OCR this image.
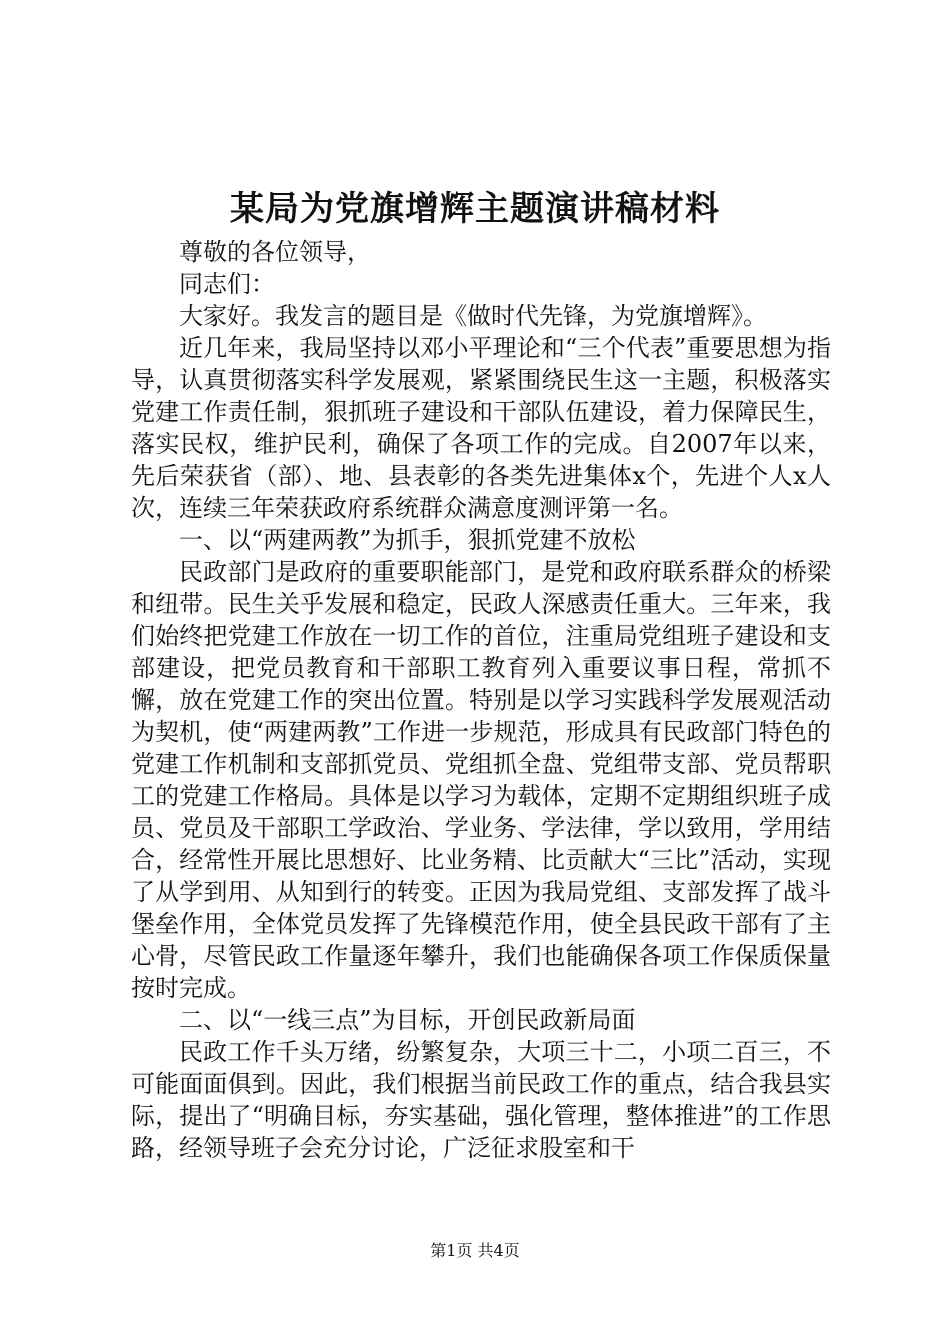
某局为党旗增辉主题演讲稿材料

尊敬的各位领导，

同志们：

大家好。我发言的题目是《做时代先锋，为党旗增辉》。

近几年来，我局坚持以邓小平理论和“三个代表”重要思想为指导，认真贯彻落实科学发展观，紧紧围绕民生这一主题，积极落实党建工作责任制，狠抓班子建设和干部队伍建设，着力保障民生，落实民权，维护民利，确保了各项工作的完成。自2007年以来，先后荣获省（部）、地、县表彰的各类先进集体x个，先进个人x人次，连续三年荣获政府系统群众满意度测评第一名。

一、以“两建两教”为抓手，狠抓党建不放松

民政部门是政府的重要职能部门，是党和政府联系群众的桥梁和纽带。民生关乎发展和稳定，民政人深感责任重大。三年来，我们始终把党建工作放在一切工作的首位，注重局党组班子建设和支部建设，把党员教育和干部职工教育列入重要议事日程，常抓不懈，放在党建工作的突出位置。特别是以学习实践科学发展观活动为契机，使“两建两教”工作进一步规范，形成具有民政部门特色的党建工作机制和支部抓党员、党组抓全盘、党组带支部、党员帮职工的党建工作格局。具体是以学习为载体，定期不定期组织班子成员、党员及干部职工学政治、学业务、学法律，学以致用，学用结合，经常性开展比思想好、比业务精、比贡献大“三比”活动，实现了从学到用、从知到行的转变。正因为我局党组、支部发挥了战斗堡垒作用，全体党员发挥了先锋模范作用，使全县民政干部有了主心骨，尽管民政工作量逐年攀升，我们也能确保各项工作保质保量按时完成。

二、以“一线三点”为目标，开创民政新局面

民政工作千头万绪，纷繁复杂，大项三十二，小项二百三，不可能面面俱到。因此，我们根据当前民政工作的重点，结合我县实际，提出了“明确目标，夯实基础，强化管理，整体推进”的工作思路，经领导班子会充分讨论，广泛征求股室和干

第1页 共4页
